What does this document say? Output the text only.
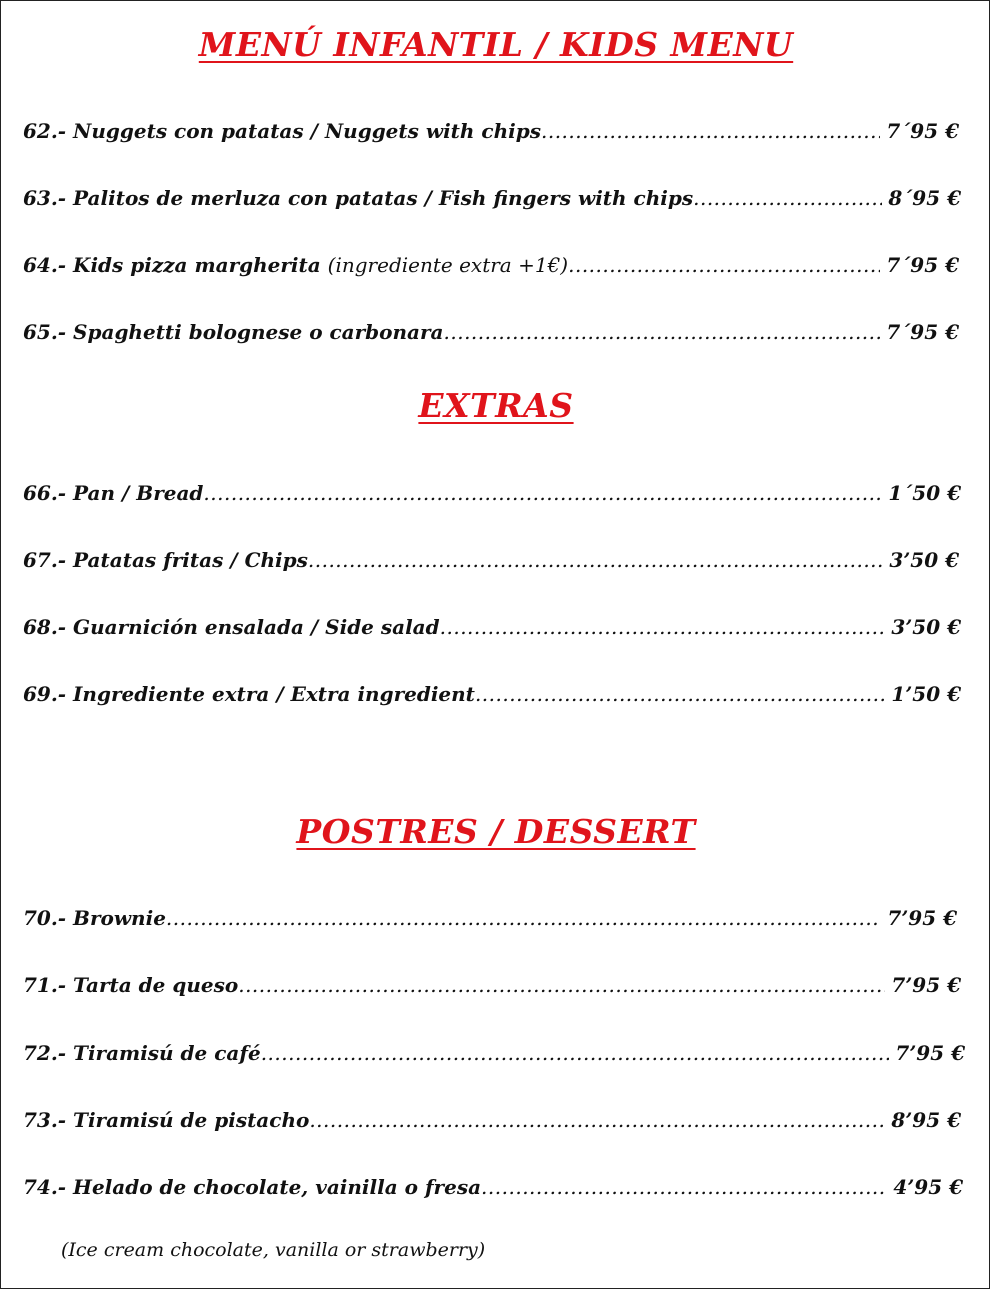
MENÚ INFANTIL / KIDS MENU
62.- Nuggets con patatas / Nuggets with chips .....	7´95 €
63.- Palitos de merluza con patatas / Fish fingers with chips .....	8´95 €
64.- Kids pizza margherita (ingrediente extra +1€) .....	7´95 €
65.- Spaghetti bolognese o carbonara .....	7´95 €
EXTRAS
66.- Pan / Bread .....	1´50 €
67.- Patatas fritas / Chips .....	3’50 €
68.- Guarnición ensalada / Side salad .....	3’50 €
69.- Ingrediente extra / Extra ingredient .....	1’50 €
POSTRES / DESSERT
70.- Brownie .....	7’95 €
71.- Tarta de queso .....	7’95 €
72.- Tiramisú de café .....	7’95 €
73.- Tiramisú de pistacho .....	8’95 €
74.- Helado de chocolate, vainilla o fresa .....	4’95 €
(Ice cream chocolate, vanilla or strawberry)
